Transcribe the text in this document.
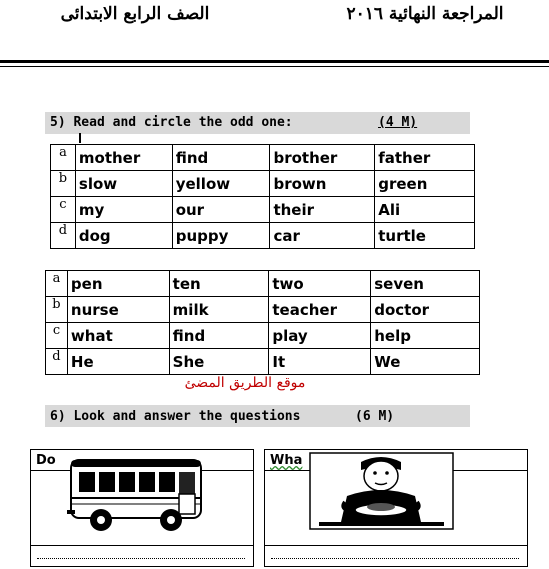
الصف الرابع الابتدائى	المراجعة النهائية ٢٠١٦
5) Read and circle the odd one:	(4 M)
a	mother	find	brother	father
b	slow	yellow	brown	green
c	my	our	their	Ali
d	dog	puppy	car	turtle
a	pen	ten	two	seven
b	nurse	milk	teacher	doctor
c	what	find	play	help
d	He	She	It	We
موقع الطريق المضئ
6) Look and answer the questions	(6 M)
Do	Wha
